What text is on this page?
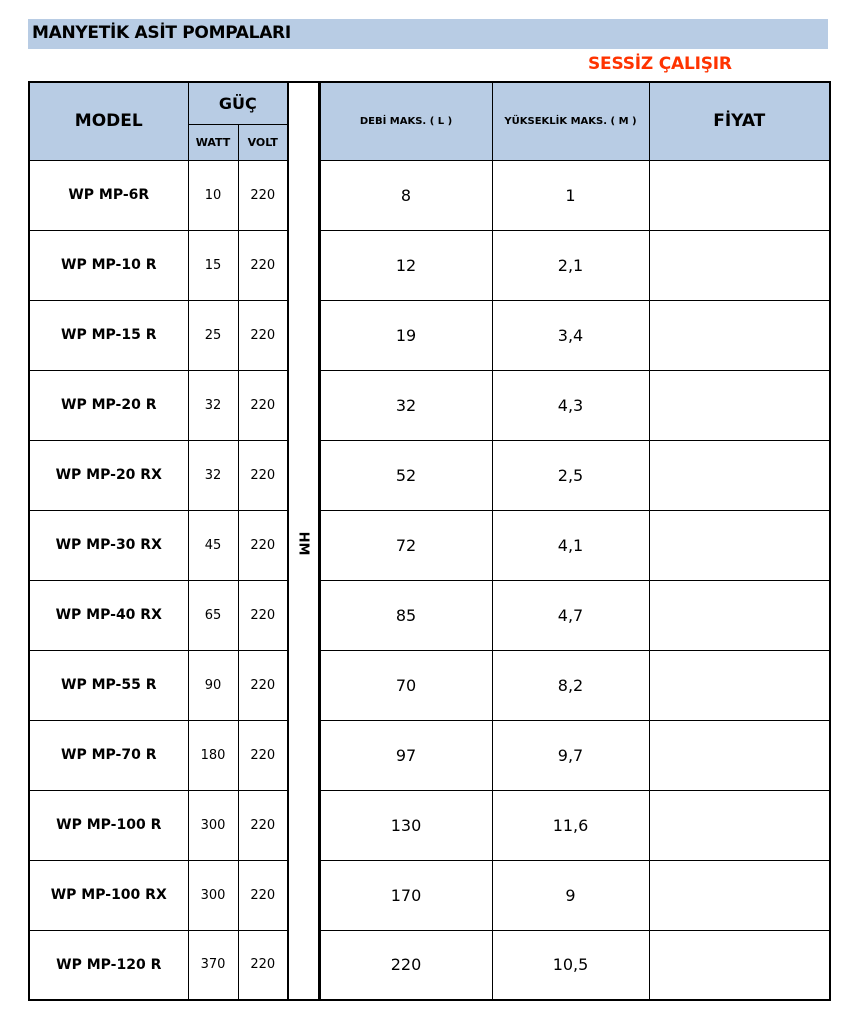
MANYETİK ASİT POMPALARI
SESSİZ ÇALIŞIR
MODEL	GÜÇ		HM	DEBİ MAKS. ( L )	YÜKSEKLİK MAKS. ( M )	FİYAT
	WATT	VOLT				
WP MP-6R	10	220		8	1	
WP MP-10 R	15	220		12	2,1	
WP MP-15 R	25	220		19	3,4	
WP MP-20 R	32	220		32	4,3	
WP MP-20 RX	32	220		52	2,5	
WP MP-30 RX	45	220		72	4,1	
WP MP-40 RX	65	220		85	4,7	
WP MP-55 R	90	220		70	8,2	
WP MP-70 R	180	220		97	9,7	
WP MP-100 R	300	220		130	11,6	
WP MP-100 RX	300	220		170	9	
WP MP-120 R	370	220		220	10,5	
